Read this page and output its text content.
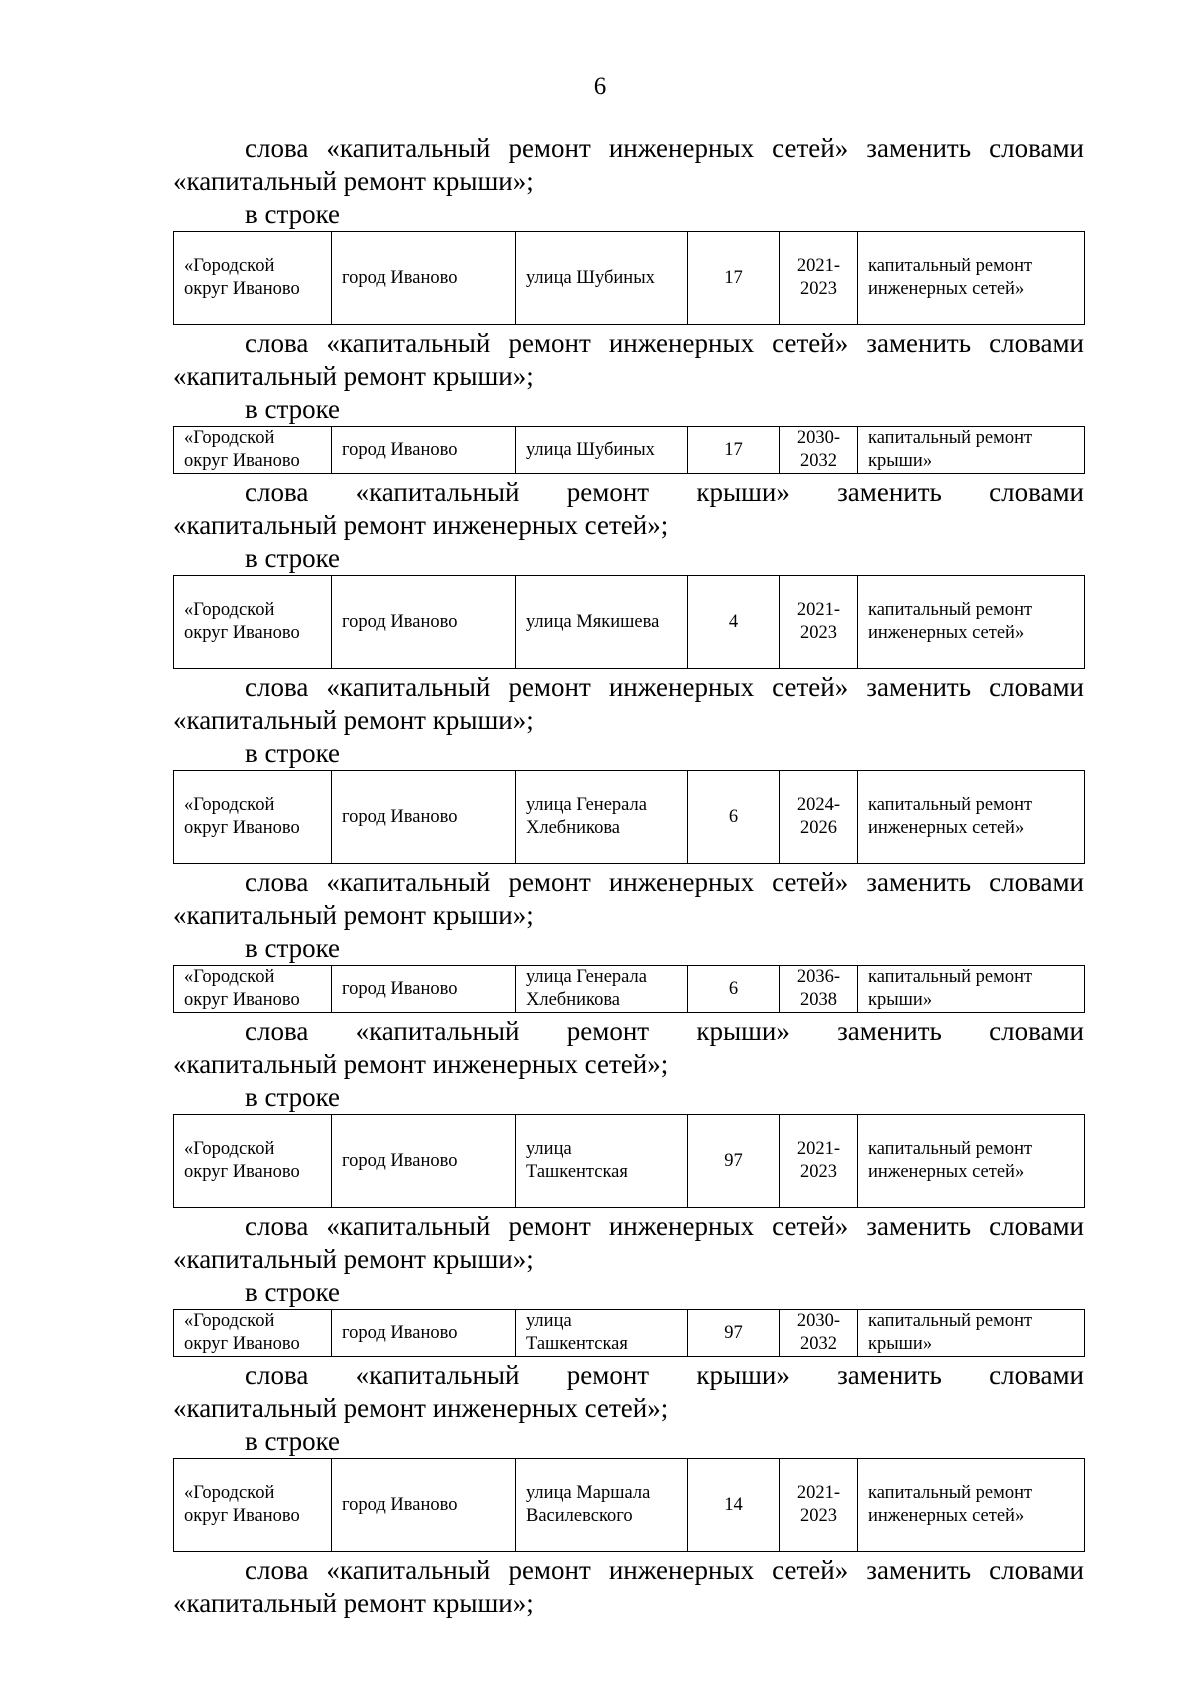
6
слова «капитальный ремонт инженерных сетей» заменить словами
«капитальный ремонт крыши»;
в строке
«Городской округ Иваново	город Иваново	улица Шубиных	17	2021-2023	капитальный ремонт инженерных сетей»
слова «капитальный ремонт инженерных сетей» заменить словами
«капитальный ремонт крыши»;
в строке
«Городской округ Иваново	город Иваново	улица Шубиных	17	2030-2032	капитальный ремонт крыши»
слова «капитальный ремонт крыши» заменить словами
«капитальный ремонт инженерных сетей»;
в строке
«Городской округ Иваново	город Иваново	улица Мякишева	4	2021-2023	капитальный ремонт инженерных сетей»
слова «капитальный ремонт инженерных сетей» заменить словами
«капитальный ремонт крыши»;
в строке
«Городской округ Иваново	город Иваново	улица Генерала Хлебникова	6	2024-2026	капитальный ремонт инженерных сетей»
слова «капитальный ремонт инженерных сетей» заменить словами
«капитальный ремонт крыши»;
в строке
«Городской округ Иваново	город Иваново	улица Генерала Хлебникова	6	2036-2038	капитальный ремонт крыши»
слова «капитальный ремонт крыши» заменить словами
«капитальный ремонт инженерных сетей»;
в строке
«Городской округ Иваново	город Иваново	улица Ташкентская	97	2021-2023	капитальный ремонт инженерных сетей»
слова «капитальный ремонт инженерных сетей» заменить словами
«капитальный ремонт крыши»;
в строке
«Городской округ Иваново	город Иваново	улица Ташкентская	97	2030-2032	капитальный ремонт крыши»
слова «капитальный ремонт крыши» заменить словами
«капитальный ремонт инженерных сетей»;
в строке
«Городской округ Иваново	город Иваново	улица Маршала Василевского	14	2021-2023	капитальный ремонт инженерных сетей»
слова «капитальный ремонт инженерных сетей» заменить словами
«капитальный ремонт крыши»;
